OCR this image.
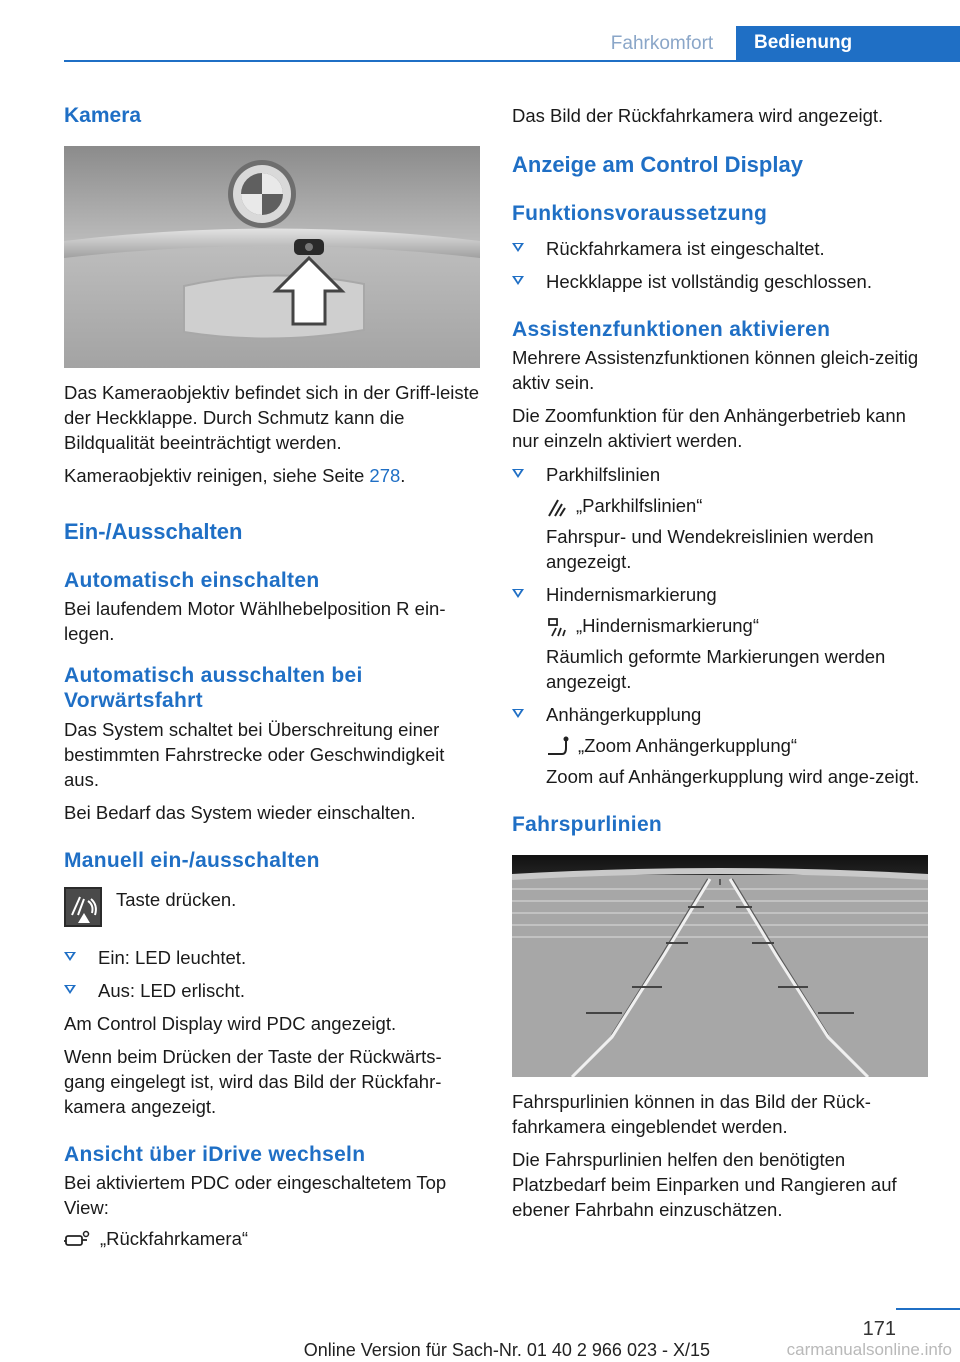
Fahrkomfort	Bedienung
Kamera

Das Kameraobjektiv befindet sich in der Griff-leiste der Heckklappe. Durch Schmutz kann die Bildqualität beeinträchtigt werden.

Kameraobjektiv reinigen, siehe Seite 278.

Ein-/Ausschalten
Automatisch einschalten

Bei laufendem Motor Wählhebelposition R ein-legen.

Automatisch ausschalten bei Vorwärtsfahrt

Das System schaltet bei Überschreitung einer bestimmten Fahrstrecke oder Geschwindigkeit aus.

Bei Bedarf das System wieder einschalten.

Manuell ein-/ausschalten

Taste drücken.

Ein: LED leuchtet.
Aus: LED erlischt.

Am Control Display wird PDC angezeigt.

Wenn beim Drücken der Taste der Rückwärts-gang eingelegt ist, wird das Bild der Rückfahr-kamera angezeigt.

Ansicht über iDrive wechseln

Bei aktiviertem PDC oder eingeschaltetem Top View:

„Rückfahrkamera“

Das Bild der Rückfahrkamera wird angezeigt.

Anzeige am Control Display
Funktionsvoraussetzung
Rückfahrkamera ist eingeschaltet.
Heckklappe ist vollständig geschlossen.
Assistenzfunktionen aktivieren

Mehrere Assistenzfunktionen können gleich-zeitig aktiv sein.

Die Zoomfunktion für den Anhängerbetrieb kann nur einzeln aktiviert werden.

Parkhilfslinien
„Parkhilfslinien“
Fahrspur- und Wendekreislinien werden angezeigt.
Hindernismarkierung
„Hindernismarkierung“
Räumlich geformte Markierungen werden angezeigt.
Anhängerkupplung
„Zoom Anhängerkupplung“
Zoom auf Anhängerkupplung wird ange-zeigt.
Fahrspurlinien

Fahrspurlinien können in das Bild der Rück-fahrkamera eingeblendet werden.

Die Fahrspurlinien helfen den benötigten Platzbedarf beim Einparken und Rangieren auf ebener Fahrbahn einzuschätzen.

171
Online Version für Sach-Nr. 01 40 2 966 023 - X/15	carmanualsonline.info
